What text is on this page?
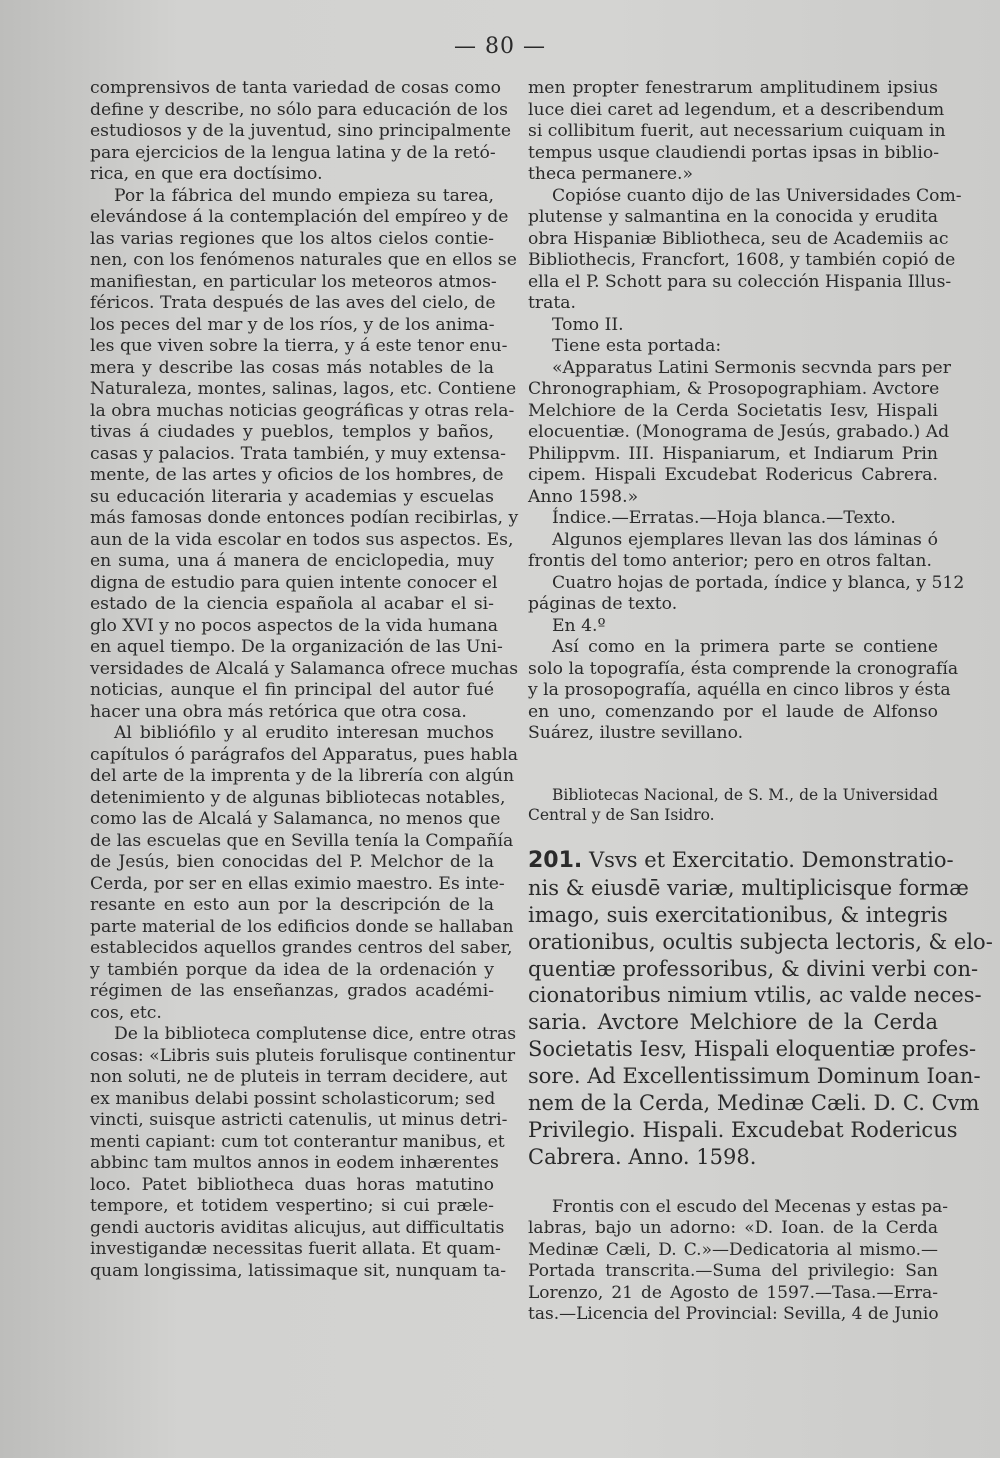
— 80 —
comprensivos de tanta variedad de cosas como
define y describe, no sólo para educación de los
estudiosos y de la juventud, sino principalmente
para ejercicios de la lengua latina y de la retó-
rica, en que era doctísimo.
Por la fábrica del mundo empieza su tarea,
elevándose á la contemplación del empíreo y de
las varias regiones que los altos cielos contie-
nen, con los fenómenos naturales que en ellos se
manifiestan, en particular los meteoros atmos-
féricos. Trata después de las aves del cielo, de
los peces del mar y de los ríos, y de los anima-
les que viven sobre la tierra, y á este tenor enu-
mera y describe las cosas más notables de la
Naturaleza, montes, salinas, lagos, etc. Contiene
la obra muchas noticias geográficas y otras rela-
tivas á ciudades y pueblos, templos y baños,
casas y palacios. Trata también, y muy extensa-
mente, de las artes y oficios de los hombres, de
su educación literaria y academias y escuelas
más famosas donde entonces podían recibirlas, y
aun de la vida escolar en todos sus aspectos. Es,
en suma, una á manera de enciclopedia, muy
digna de estudio para quien intente conocer el
estado de la ciencia española al acabar el si-
glo XVI y no pocos aspectos de la vida humana
en aquel tiempo. De la organización de las Uni-
versidades de Alcalá y Salamanca ofrece muchas
noticias, aunque el fin principal del autor fué
hacer una obra más retórica que otra cosa.
Al bibliófilo y al erudito interesan muchos
capítulos ó parágrafos del Apparatus, pues habla
del arte de la imprenta y de la librería con algún
detenimiento y de algunas bibliotecas notables,
como las de Alcalá y Salamanca, no menos que
de las escuelas que en Sevilla tenía la Compañía
de Jesús, bien conocidas del P. Melchor de la
Cerda, por ser en ellas eximio maestro. Es inte-
resante en esto aun por la descripción de la
parte material de los edificios donde se hallaban
establecidos aquellos grandes centros del saber,
y también porque da idea de la ordenación y
régimen de las enseñanzas, grados académi-
cos, etc.
De la biblioteca complutense dice, entre otras
cosas: «Libris suis pluteis forulisque continentur
non soluti, ne de pluteis in terram decidere, aut
ex manibus delabi possint scholasticorum; sed
vincti, suisque astricti catenulis, ut minus detri-
menti capiant: cum tot conterantur manibus, et
abbinc tam multos annos in eodem inhærentes
loco. Patet bibliotheca duas horas matutino
tempore, et totidem vespertino; si cui præle-
gendi auctoris aviditas alicujus, aut difficultatis
investigandæ necessitas fuerit allata. Et quam-
quam longissima, latissimaque sit, nunquam ta-
men propter fenestrarum amplitudinem ipsius
luce diei caret ad legendum, et a describendum
si collibitum fuerit, aut necessarium cuiquam in
tempus usque claudiendi portas ipsas in biblio-
theca permanere.»
Copióse cuanto dijo de las Universidades Com-
plutense y salmantina en la conocida y erudita
obra Hispaniæ Bibliotheca, seu de Academiis ac
Bibliothecis, Francfort, 1608, y también copió de
ella el P. Schott para su colección Hispania Illus-
trata.
Tomo II.
Tiene esta portada:
«Apparatus Latini Sermonis secvnda pars per
Chronographiam, & Prosopographiam. Avctore
Melchiore de la Cerda Societatis Iesv, Hispali
elocuentiæ. (Monograma de Jesús, grabado.) Ad
Philippvm. III. Hispaniarum, et Indiarum Prin
cipem. Hispali Excudebat Rodericus Cabrera.
Anno 1598.»
Índice.—Erratas.—Hoja blanca.—Texto.
Algunos ejemplares llevan las dos láminas ó
frontis del tomo anterior; pero en otros faltan.
Cuatro hojas de portada, índice y blanca, y 512
páginas de texto.
En 4.º
Así como en la primera parte se contiene
solo la topografía, ésta comprende la cronografía
y la prosopografía, aquélla en cinco libros y ésta
en uno, comenzando por el laude de Alfonso
Suárez, ilustre sevillano.
Bibliotecas Nacional, de S. M., de la Universidad
Central y de San Isidro.
201. Vsvs et Exercitatio. Demonstratio-
nis & eiusdē variæ, multiplicisque formæ
imago, suis exercitationibus, & integris
orationibus, ocultis subjecta lectoris, & elo-
quentiæ professoribus, & divini verbi con-
cionatoribus nimium vtilis, ac valde neces-
saria. Avctore Melchiore de la Cerda
Societatis Iesv, Hispali eloquentiæ profes-
sore. Ad Excellentissimum Dominum Ioan-
nem de la Cerda, Medinæ Cæli. D. C. Cvm
Privilegio. Hispali. Excudebat Rodericus
Cabrera. Anno. 1598.
Frontis con el escudo del Mecenas y estas pa-
labras, bajo un adorno: «D. Ioan. de la Cerda
Medinæ Cæli, D. C.»—Dedicatoria al mismo.—
Portada transcrita.—Suma del privilegio: San
Lorenzo, 21 de Agosto de 1597.—Tasa.—Erra-
tas.—Licencia del Provincial: Sevilla, 4 de Junio
